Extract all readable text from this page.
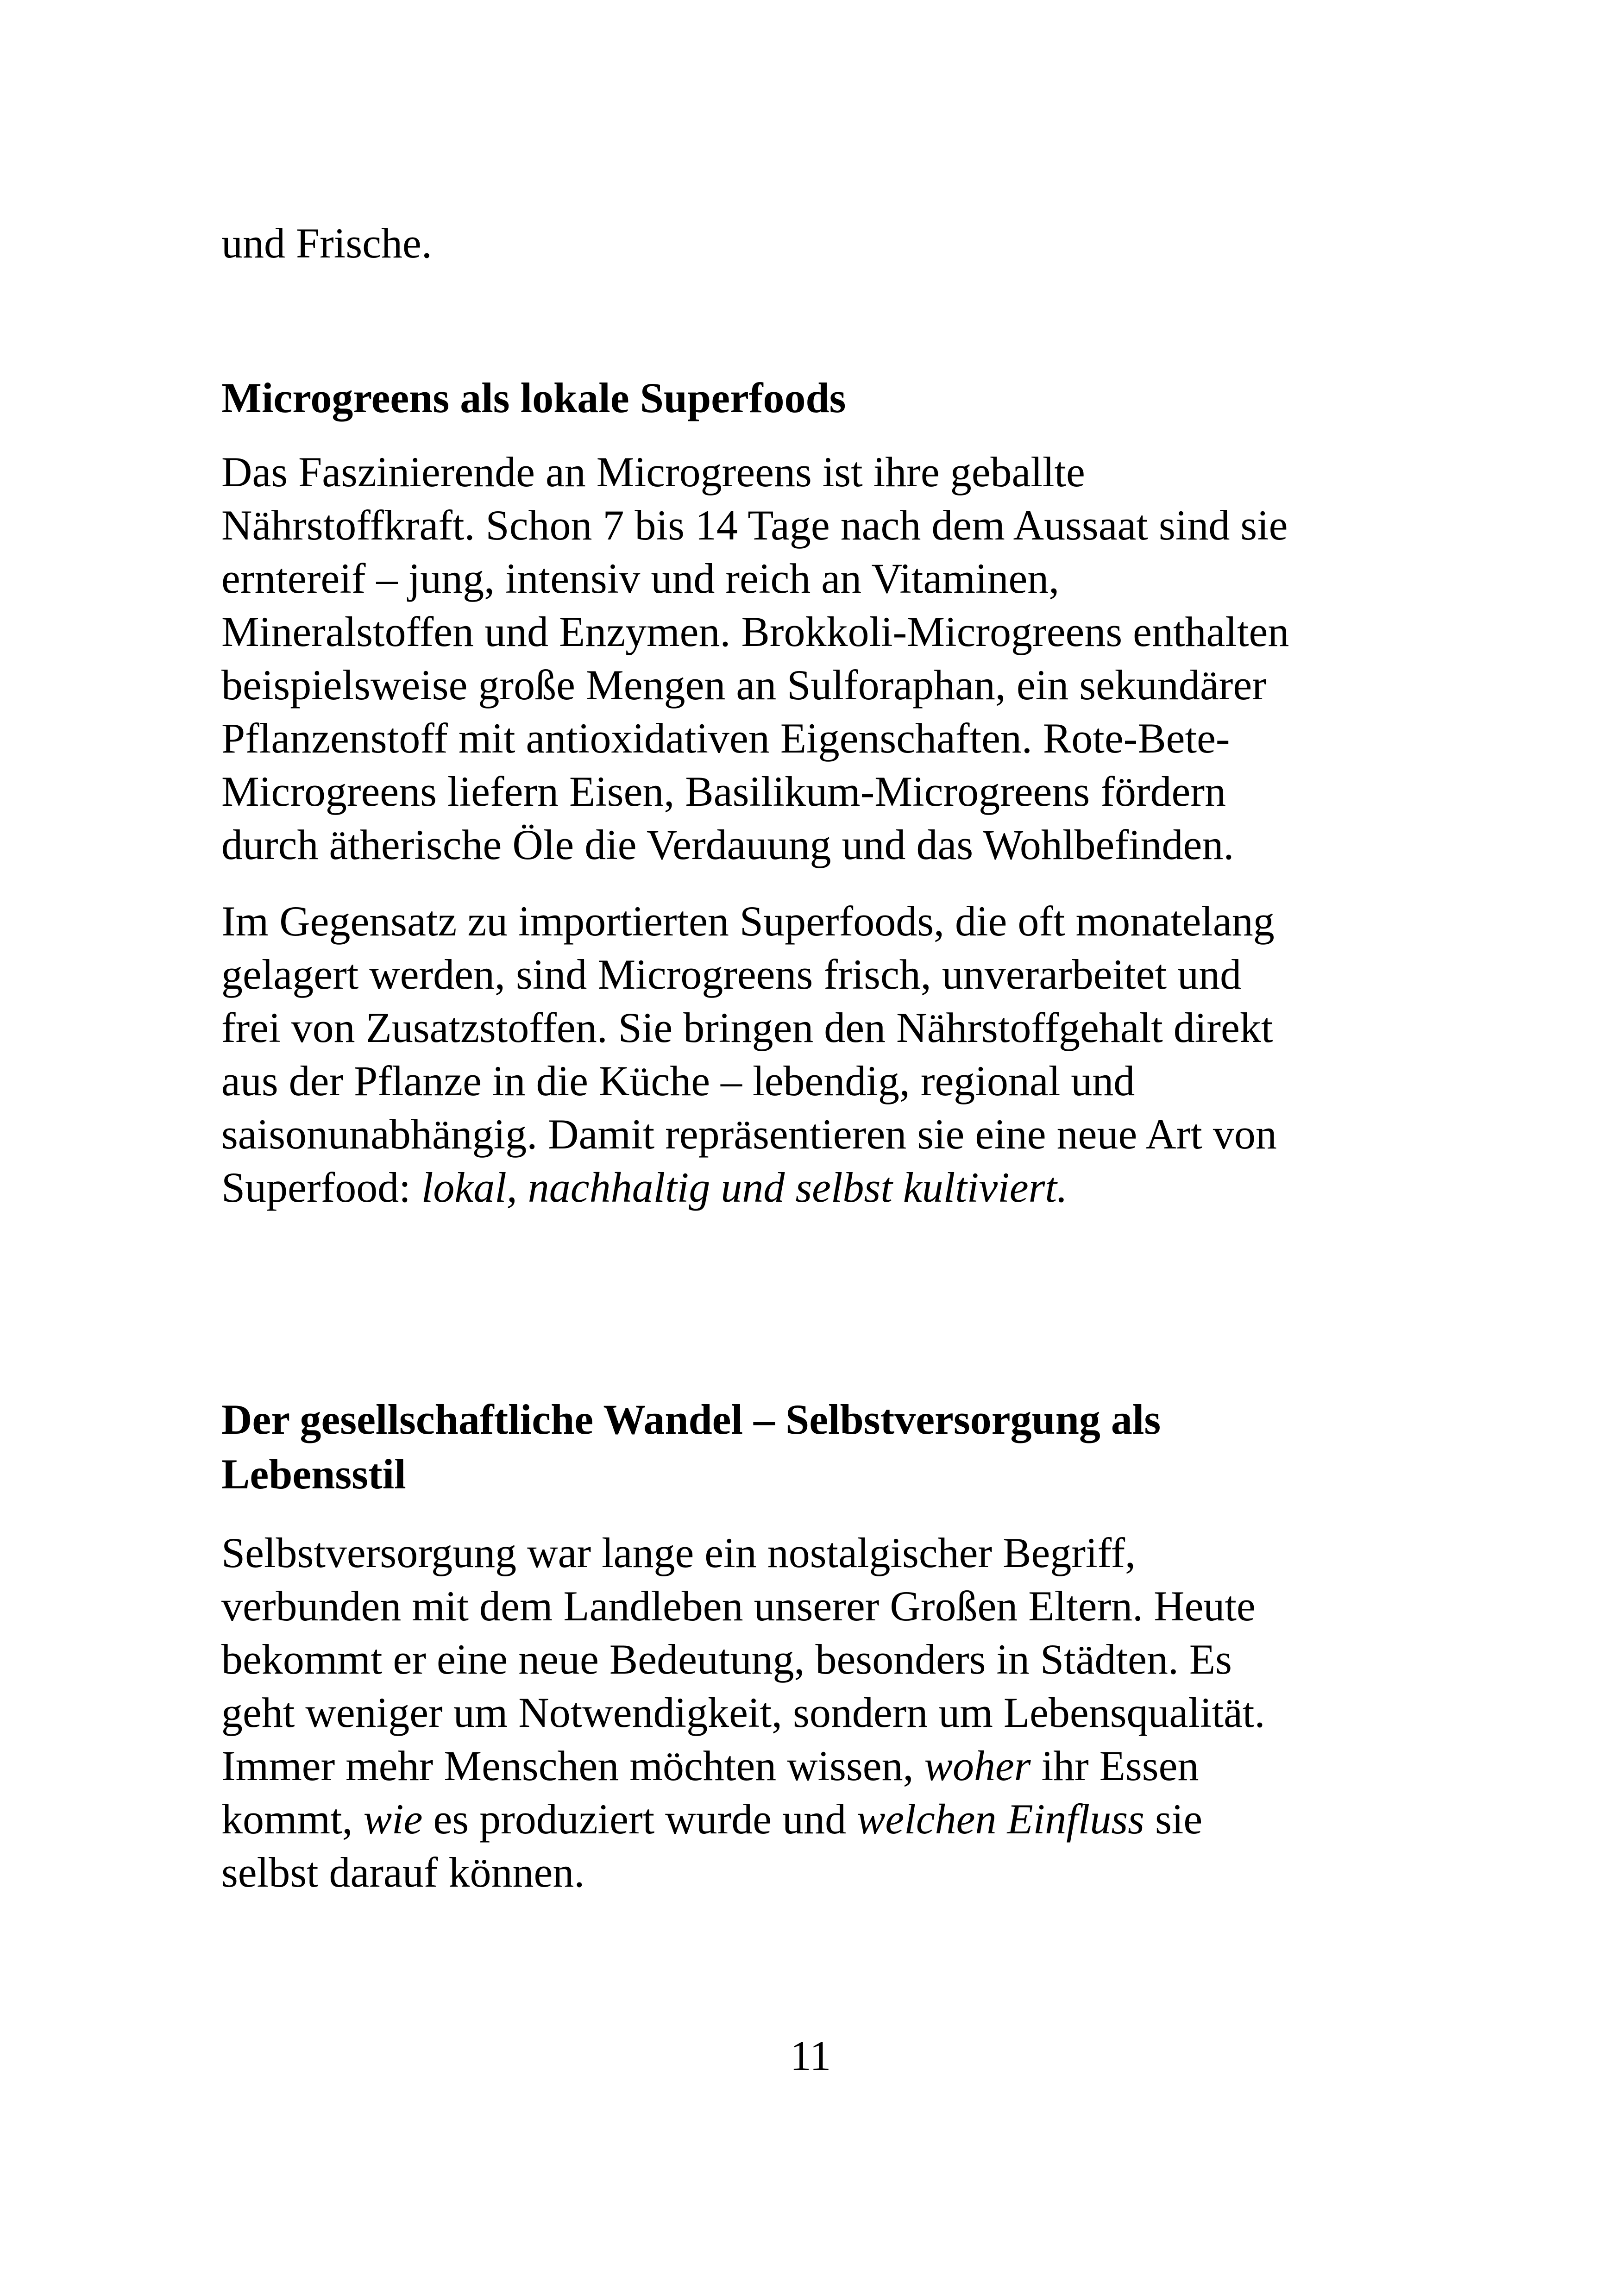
und Frische.

Microgreens als lokale Superfoods

Das Faszinierende an Microgreens ist ihre geballte
Nährstoffkraft. Schon 7 bis 14 Tage nach dem Aussaat sind sie
erntereif – jung, intensiv und reich an Vitaminen,
Mineralstoffen und Enzymen. Brokkoli-Microgreens enthalten
beispielsweise große Mengen an Sulforaphan, ein sekundärer
Pflanzenstoff mit antioxidativen Eigenschaften. Rote-Bete-
Microgreens liefern Eisen, Basilikum-Microgreens fördern
durch ätherische Öle die Verdauung und das Wohlbefinden.

Im Gegensatz zu importierten Superfoods, die oft monatelang
gelagert werden, sind Microgreens frisch, unverarbeitet und
frei von Zusatzstoffen. Sie bringen den Nährstoffgehalt direkt
aus der Pflanze in die Küche – lebendig, regional und
saisonunabhängig. Damit repräsentieren sie eine neue Art von
Superfood: lokal, nachhaltig und selbst kultiviert.

Der gesellschaftliche Wandel – Selbstversorgung als
Lebensstil

Selbstversorgung war lange ein nostalgischer Begriff,
verbunden mit dem Landleben unserer Großen Eltern. Heute
bekommt er eine neue Bedeutung, besonders in Städten. Es
geht weniger um Notwendigkeit, sondern um Lebensqualität.
Immer mehr Menschen möchten wissen, woher ihr Essen
kommt, wie es produziert wurde und welchen Einfluss sie
selbst darauf können.

11
